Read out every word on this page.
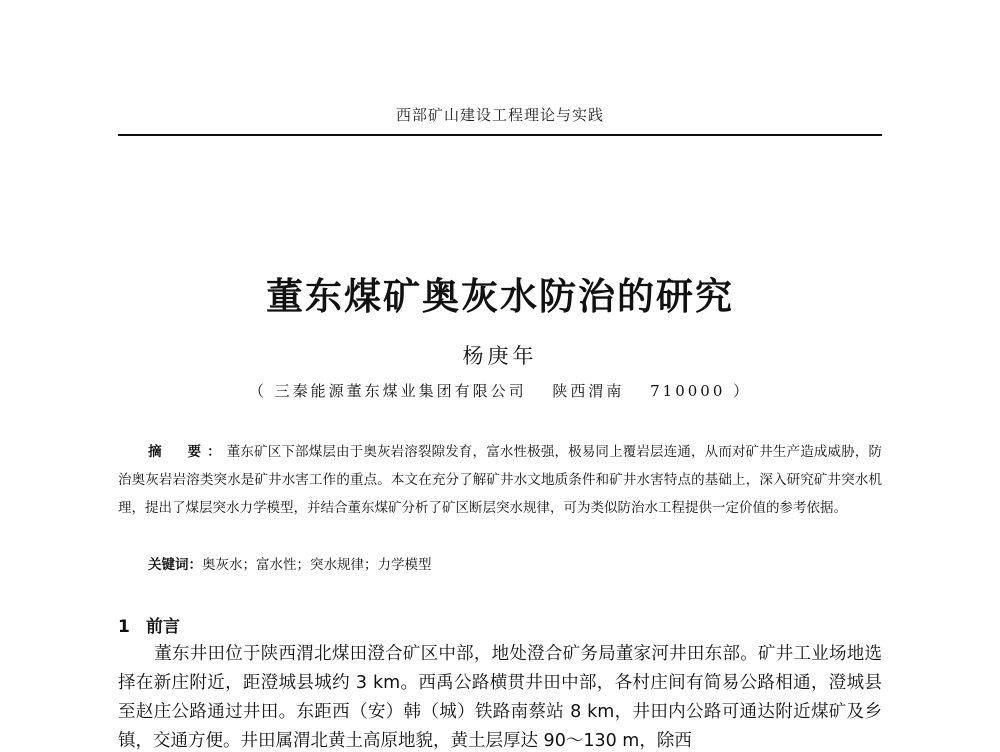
西部矿山建设工程理论与实践
董东煤矿奥灰水防治的研究
杨庚年
（ 三秦能源董东煤业集团有限公司　 陕西渭南　 710000 ）

摘　要：董东矿区下部煤层由于奥灰岩溶裂隙发育，富水性极强，极易同上覆岩层连通，从而对矿井生产造成威胁，防治奥灰岩岩溶类突水是矿井水害工作的重点。本文在充分了解矿井水文地质条件和矿井水害特点的基础上，深入研究矿井突水机理，提出了煤层突水力学模型，并结合董东煤矿分析了矿区断层突水规律，可为类似防治水工程提供一定价值的参考依据。

关键词：奥灰水；富水性；突水规律；力学模型
1 前言

董东井田位于陕西渭北煤田澄合矿区中部，地处澄合矿务局董家河井田东部。矿井工业场地选择在新庄附近，距澄城县城约 3 km。西禹公路横贯井田中部，各村庄间有简易公路相通，澄城县至赵庄公路通过井田。东距西（安）韩（城）铁路南蔡站 8 km，井田内公路可通达附近煤矿及乡镇，交通方便。井田属渭北黄土高原地貌，黄土层厚达 90～130 m，除西
